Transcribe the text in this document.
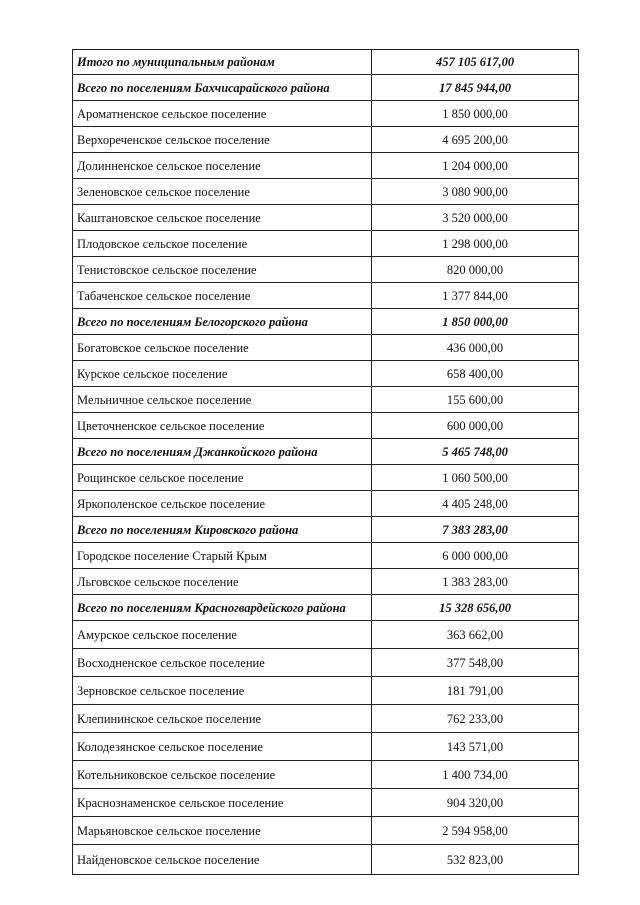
Итого по муниципальным районам	457 105 617,00
Всего по поселениям Бахчисарайского района	17 845 944,00
Ароматненское сельское поселение	1 850 000,00
Верхореченское сельское поселение	4 695 200,00
Долинненское сельское поселение	1 204 000,00
Зеленовское сельское поселение	3 080 900,00
Каштановское сельское поселение	3 520 000,00
Плодовское сельское поселение	1 298 000,00
Тенистовское сельское поселение	820 000,00
Табаченское сельское поселение	1 377 844,00
Всего по поселениям Белогорского района	1 850 000,00
Богатовское сельское поселение	436 000,00
Курское сельское поселение	658 400,00
Мельничное сельское поселение	155 600,00
Цветочненское сельское поселение	600 000,00
Всего по поселениям Джанкойского района	5 465 748,00
Рощинское сельское поселение	1 060 500,00
Яркополенское сельское поселение	4 405 248,00
Всего по поселениям Кировского района	7 383 283,00
Городское поселение Старый Крым	6 000 000,00
Льговское сельское поселение	1 383 283,00
Всего по поселениям Красногвардейского района	15 328 656,00
Амурское сельское поселение	363 662,00
Восходненское сельское поселение	377 548,00
Зерновское сельское поселение	181 791,00
Клепининское сельское поселение	762 233,00
Колодезянское сельское поселение	143 571,00
Котельниковское сельское поселение	1 400 734,00
Краснознаменское сельское поселение	904 320,00
Марьяновское сельское поселение	2 594 958,00
Найденовское сельское поселение	532 823,00
